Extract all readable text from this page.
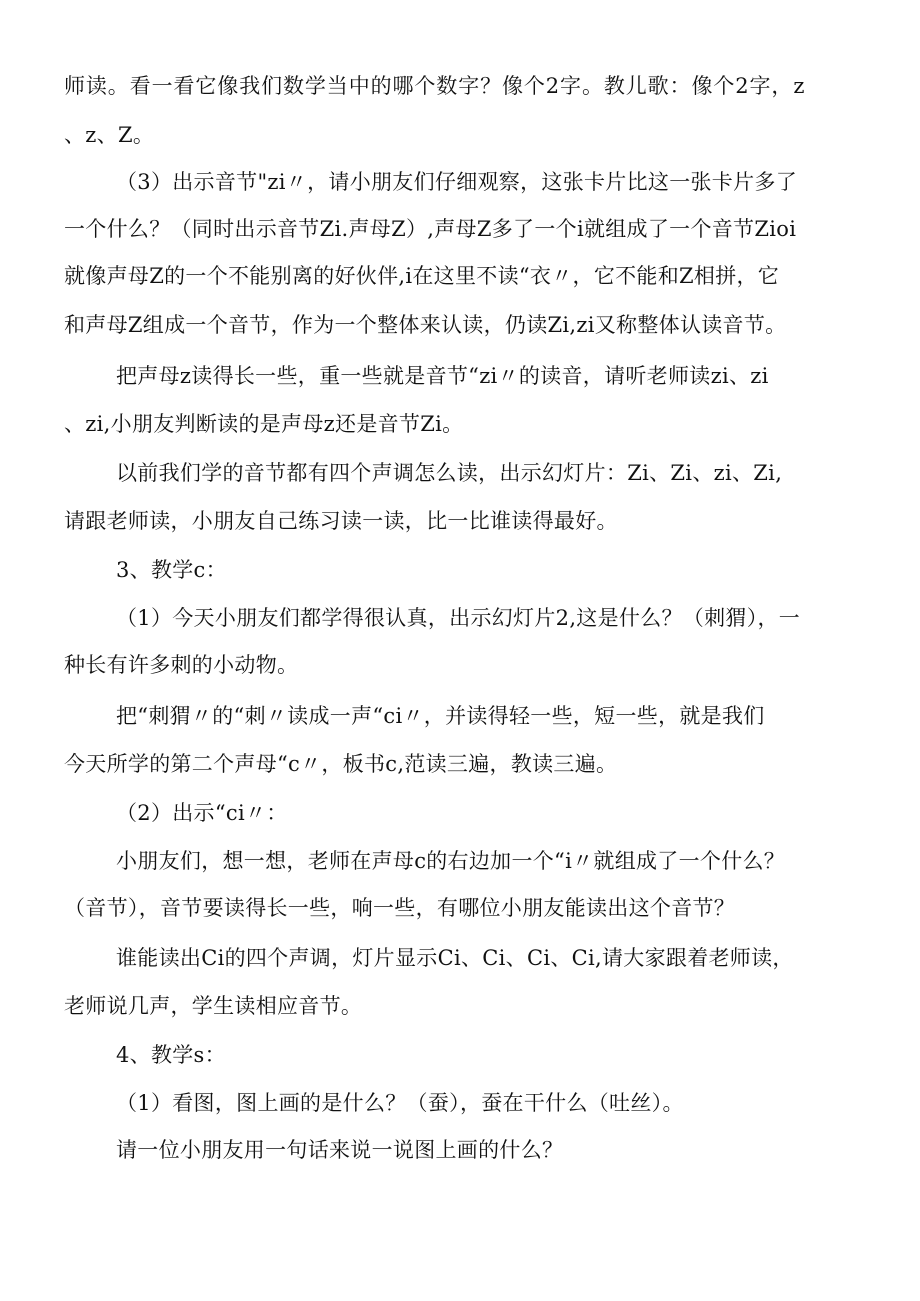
师读。看一看它像我们数学当中的哪个数字？像个2字。教儿歌：像个2字，z
、z、Z。
（3）出示音节"zi〃，请小朋友们仔细观察，这张卡片比这一张卡片多了
一个什么？（同时出示音节Zi.声母Z）,声母Z多了一个i就组成了一个音节Zioi
就像声母Z的一个不能别离的好伙伴,i在这里不读“衣〃，它不能和Z相拼，它
和声母Z组成一个音节，作为一个整体来认读，仍读Zi,zi又称整体认读音节。
把声母z读得长一些，重一些就是音节“zi〃的读音，请听老师读zi、zi
、zi,小朋友判断读的是声母z还是音节Zi。
以前我们学的音节都有四个声调怎么读，出示幻灯片：Zi、Zi、zi、Zi,
请跟老师读，小朋友自己练习读一读，比一比谁读得最好。
3、教学c：
（1）今天小朋友们都学得很认真，出示幻灯片2,这是什么？（刺猬），一
种长有许多刺的小动物。
把“刺猬〃的“刺〃读成一声“ci〃，并读得轻一些，短一些，就是我们
今天所学的第二个声母“c〃，板书c,范读三遍，教读三遍。
（2）出示“ci〃：
小朋友们，想一想，老师在声母c的右边加一个“i〃就组成了一个什么？
（音节），音节要读得长一些，响一些，有哪位小朋友能读出这个音节？
谁能读出Ci的四个声调，灯片显示Ci、Ci、Ci、Ci,请大家跟着老师读，
老师说几声，学生读相应音节。
4、教学s：
（1）看图，图上画的是什么？（蚕），蚕在干什么（吐丝）。
请一位小朋友用一句话来说一说图上画的什么？
